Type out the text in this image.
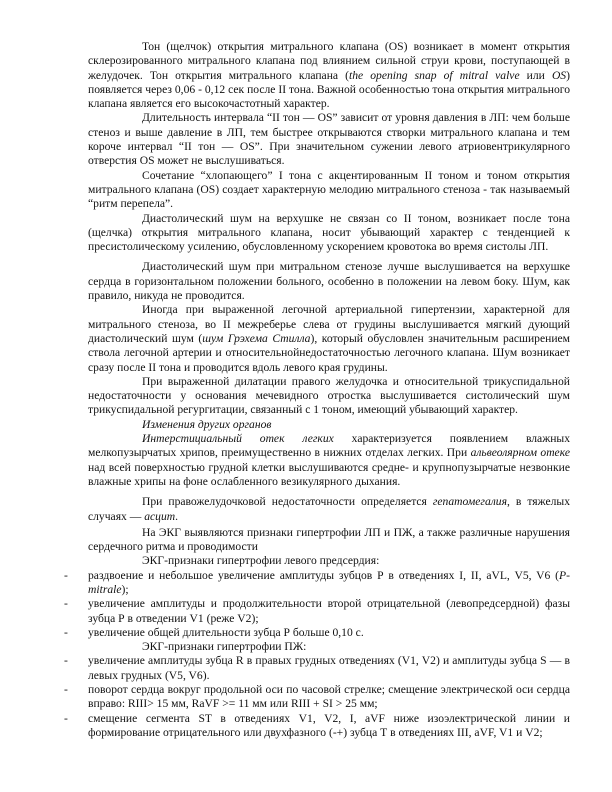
Тон (щелчок) открытия митрального клапана (OS) возникает в момент открытия склерозированного митрального клапана под влиянием сильной струи крови, поступающей в желудочек. Тон открытия митрального клапана (the opening snap of mitral valve или OS) появляется через 0,06 - 0,12 сек после II тона. Важной особенностью тона открытия митрального клапана является его высокочастотный характер.

Длительность интервала “II тон — OS” зависит от уровня давления в ЛП: чем больше стеноз и выше давление в ЛП, тем быстрее открываются створки митрального клапана и тем короче интервал “II тон — OS”. При значительном сужении левого атриовентрикулярного отверстия OS может не выслушиваться.

Сочетание “хлопающего” I тона с акцентированным II тоном и тоном открытия митрального клапана (OS) создает характерную мелодию митрального стеноза - так называемый “ритм перепела”.

Диастолический шум на верхушке не связан со II тоном, возникает после тона (щелчка) открытия митрального клапана, носит убывающий характер с тенденцией к пресистолическому усилению, обусловленному ускорением кровотока во время систолы ЛП.

Диастолический шум при митральном стенозе лучше выслушивается на верхушке сердца в горизонтальном положении больного, особенно в положении на левом боку. Шум, как правило, никуда не проводится.

Иногда при выраженной легочной артериальной гипертензии, характерной для митрального стеноза, во II межреберье слева от грудины выслушивается мягкий дующий диастолический шум (шум Грэхема Стилла), который обусловлен значительным расширением ствола легочной артерии и относительнойнедостаточностью легочного клапана. Шум возникает сразу после II тона и проводится вдоль левого края грудины.

При выраженной дилатации правого желудочка и относительной трикуспидальной недостаточности у основания мечевидного отростка выслушивается систолический шум трикуспидальной регургитации, связанный с 1 тоном, имеющий убывающий характер.

Изменения других органов

Интерстициальный отек легких характеризуется появлением влажных мелкопузырчатых хрипов, преимущественно в нижних отделах легких. При альвеолярном отеке над всей поверхностью грудной клетки выслушиваются средне- и крупнопузырчатые незвонкие влажные хрипы на фоне ослабленного везикулярного дыхания.

При правожелудочковой недостаточности определяется гепатомегалия, в тяжелых случаях — асцит.

На ЭКГ выявляются признаки гипертрофии ЛП и ПЖ, а также различные нарушения сердечного ритма и проводимости

ЭКГ-признаки гипертрофии левого предсердия:

- раздвоение и небольшое увеличение амплитуды зубцов Р в отведениях I, II, aVL, V5, V6 (P-mitrale);

- увеличение амплитуды и продолжительности второй отрицательной (левопредсердной) фазы зубца Р в отведении V1 (реже V2);

- увеличение общей длительности зубца Р больше 0,10 с.

ЭКГ-признаки гипертрофии ПЖ:

- увеличение амплитуды зубца R в правых грудных отведениях (V1, V2) и амплитуды зубца S — в левых грудных (V5, V6).

- поворот сердца вокруг продольной оси по часовой стрелке; смещение электрической оси сердца вправо: RIII> 15 мм, RaVF >= 11 мм или RIII + SI > 25 мм;

- смещение сегмента ST в отведениях V1, V2, I, aVF ниже изоэлектрической линии и формирование отрицательного или двухфазного (-+) зубца Т в отведениях III, aVF, V1 и V2;
